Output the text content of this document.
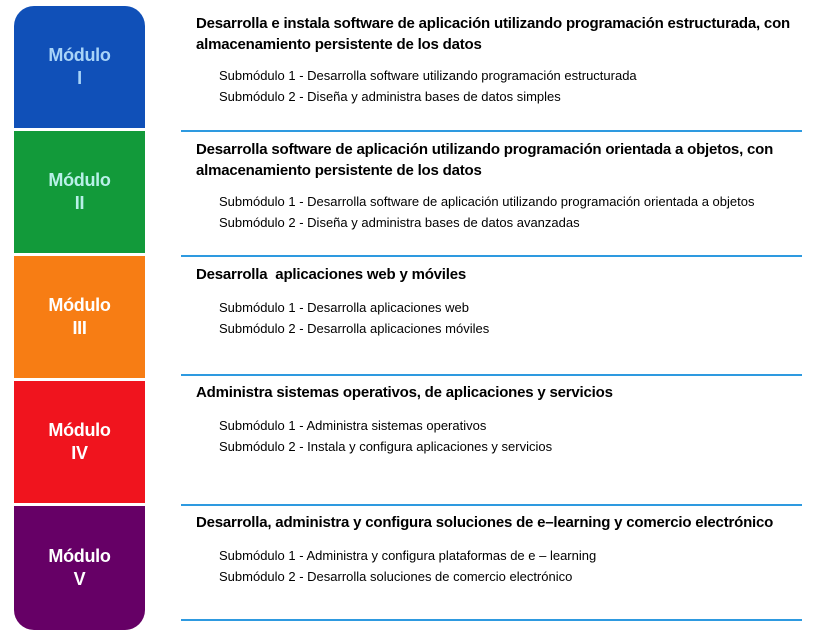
Módulo
I
Módulo
II
Módulo
III
Módulo
IV
Módulo
V
Desarrolla e instala software de aplicación utilizando programación estructurada, con
almacenamiento persistente de los datos
Submódulo 1 - Desarrolla software utilizando programación estructurada
Submódulo 2 - Diseña y administra bases de datos simples
Desarrolla software de aplicación utilizando programación orientada a objetos, con
almacenamiento persistente de los datos
Submódulo 1 - Desarrolla software de aplicación utilizando programación orientada a objetos
Submódulo 2 - Diseña y administra bases de datos avanzadas
Desarrolla  aplicaciones web y móviles
Submódulo 1 - Desarrolla aplicaciones web
Submódulo 2 - Desarrolla aplicaciones móviles
Administra sistemas operativos, de aplicaciones y servicios
Submódulo 1 - Administra sistemas operativos
Submódulo 2 - Instala y configura aplicaciones y servicios
Desarrolla, administra y configura soluciones de e–learning y comercio electrónico
Submódulo 1 - Administra y configura plataformas de e – learning
Submódulo 2 - Desarrolla soluciones de comercio electrónico
